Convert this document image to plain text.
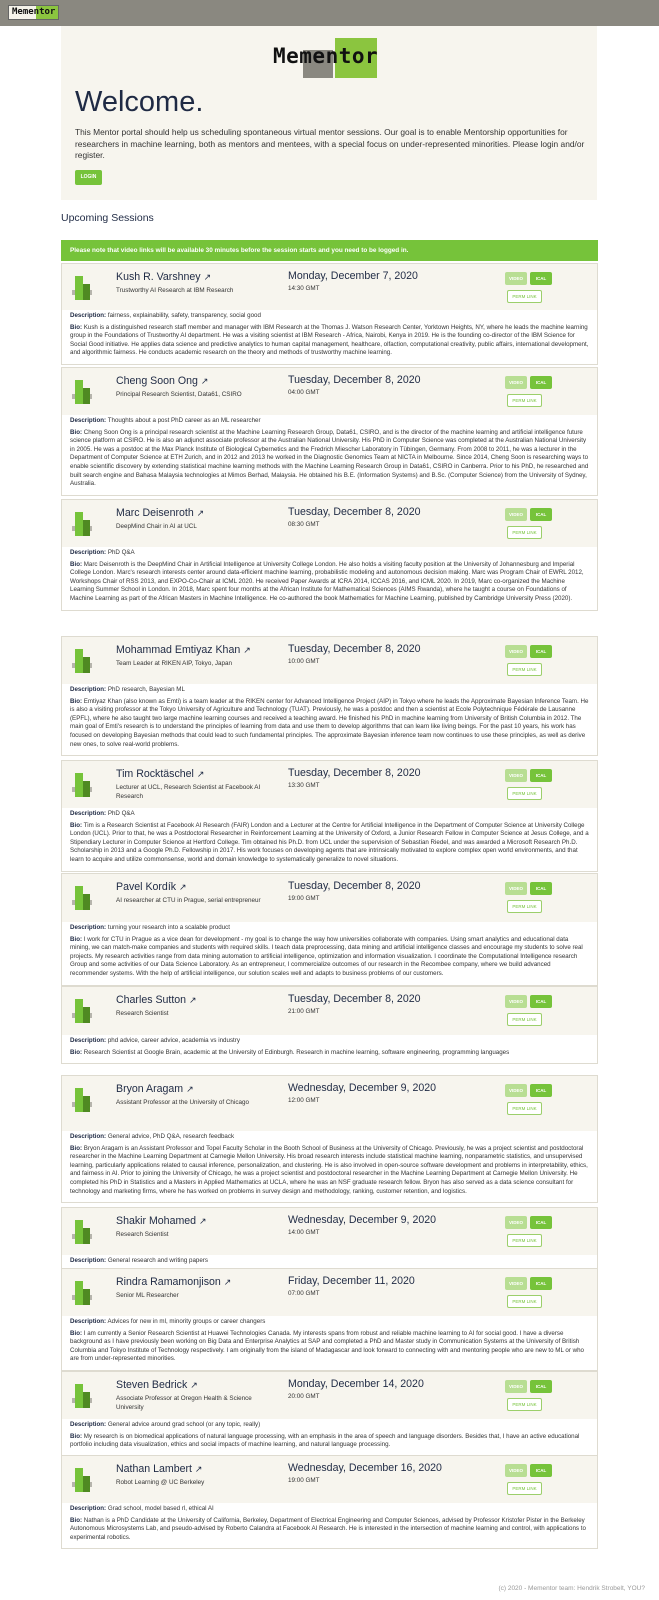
Mementor
Mementor
Welcome.

This Mentor portal should help us scheduling spontaneous virtual mentor sessions. Our goal is to enable Mentorship opportunities for researchers in machine learning, both as mentors and mentees, with a special focus on under-represented minorities. Please login and/or register.

LOGIN
Upcoming Sessions
Please note that video links will be available 30 minutes before the session starts and you need to be logged in.
Kush R. Varshney ↗
Trustworthy AI Research at IBM Research
Monday, December 7, 2020
14:30 GMT
VIDEO	ICAL
PERM LINK

Description: fairness, explainability, safety, transparency, social good

Bio: Kush is a distinguished research staff member and manager with IBM Research at the Thomas J. Watson Research Center, Yorktown Heights, NY, where he leads the machine learning group in the Foundations of Trustworthy AI department. He was a visiting scientist at IBM Research - Africa, Nairobi, Kenya in 2019. He is the founding co-director of the IBM Science for Social Good initiative. He applies data science and predictive analytics to human capital management, healthcare, olfaction, computational creativity, public affairs, international development, and algorithmic fairness. He conducts academic research on the theory and methods of trustworthy machine learning.

Cheng Soon Ong ↗
Principal Research Scientist, Data61, CSIRO
Tuesday, December 8, 2020
04:00 GMT
VIDEO	ICAL
PERM LINK

Description: Thoughts about a post PhD career as an ML researcher

Bio: Cheng Soon Ong is a principal research scientist at the Machine Learning Research Group, Data61, CSIRO, and is the director of the machine learning and artificial intelligence future science platform at CSIRO. He is also an adjunct associate professor at the Australian National University. His PhD in Computer Science was completed at the Australian National University in 2005. He was a postdoc at the Max Planck Institute of Biological Cybernetics and the Fredrich Miescher Laboratory in Tübingen, Germany. From 2008 to 2011, he was a lecturer in the Department of Computer Science at ETH Zurich, and in 2012 and 2013 he worked in the Diagnostic Genomics Team at NICTA in Melbourne. Since 2014, Cheng Soon is researching ways to enable scientific discovery by extending statistical machine learning methods with the Machine Learning Research Group in Data61, CSIRO in Canberra. Prior to his PhD, he researched and built search engine and Bahasa Malaysia technologies at Mimos Berhad, Malaysia. He obtained his B.E. (Information Systems) and B.Sc. (Computer Science) from the University of Sydney, Australia.

Marc Deisenroth ↗
DeepMind Chair in AI at UCL
Tuesday, December 8, 2020
08:30 GMT
VIDEO	ICAL
PERM LINK

Description: PhD Q&A

Bio: Marc Deisenroth is the DeepMind Chair in Artificial Intelligence at University College London. He also holds a visiting faculty position at the University of Johannesburg and Imperial College London. Marc's research interests center around data-efficient machine learning, probabilistic modeling and autonomous decision making. Marc was Program Chair of EWRL 2012, Workshops Chair of RSS 2013, and EXPO-Co-Chair at ICML 2020. He received Paper Awards at ICRA 2014, ICCAS 2016, and ICML 2020. In 2019, Marc co-organized the Machine Learning Summer School in London. In 2018, Marc spent four months at the African Institute for Mathematical Sciences (AIMS Rwanda), where he taught a course on Foundations of Machine Learning as part of the African Masters in Machine Intelligence. He co-authored the book Mathematics for Machine Learning, published by Cambridge University Press (2020).

Mohammad Emtiyaz Khan ↗
Team Leader at RIKEN AIP, Tokyo, Japan
Tuesday, December 8, 2020
10:00 GMT
VIDEO	ICAL
PERM LINK

Description: PhD research, Bayesian ML

Bio: Emtiyaz Khan (also known as Emti) is a team leader at the RIKEN center for Advanced Intelligence Project (AIP) in Tokyo where he leads the Approximate Bayesian Inference Team. He is also a visiting professor at the Tokyo University of Agriculture and Technology (TUAT). Previously, he was a postdoc and then a scientist at Ecole Polytechnique Fédérale de Lausanne (EPFL), where he also taught two large machine learning courses and received a teaching award. He finished his PhD in machine learning from University of British Columbia in 2012. The main goal of Emti's research is to understand the principles of learning from data and use them to develop algorithms that can learn like living beings. For the past 10 years, his work has focused on developing Bayesian methods that could lead to such fundamental principles. The approximate Bayesian inference team now continues to use these principles, as well as derive new ones, to solve real-world problems.

Tim Rocktäschel ↗
Lecturer at UCL, Research Scientist at Facebook AI Research
Tuesday, December 8, 2020
13:30 GMT
VIDEO	ICAL
PERM LINK

Description: PhD Q&A

Bio: Tim is a Research Scientist at Facebook AI Research (FAIR) London and a Lecturer at the Centre for Artificial Intelligence in the Department of Computer Science at University College London (UCL). Prior to that, he was a Postdoctoral Researcher in Reinforcement Learning at the University of Oxford, a Junior Research Fellow in Computer Science at Jesus College, and a Stipendiary Lecturer in Computer Science at Hertford College. Tim obtained his Ph.D. from UCL under the supervision of Sebastian Riedel, and was awarded a Microsoft Research Ph.D. Scholarship in 2013 and a Google Ph.D. Fellowship in 2017. His work focuses on developing agents that are intrinsically motivated to explore complex open world environments, and that learn to acquire and utilize commonsense, world and domain knowledge to systematically generalize to novel situations.

Pavel Kordík ↗
AI researcher at CTU in Prague, serial entrepreneur
Tuesday, December 8, 2020
19:00 GMT
VIDEO	ICAL
PERM LINK

Description: turning your research into a scalable product

Bio: I work for CTU in Prague as a vice dean for development - my goal is to change the way how universities collaborate with companies. Using smart analytics and educational data mining, we can match-make companies and students with required skills. I teach data preprocessing, data mining and artificial intelligence classes and encourage my students to solve real projects. My research activities range from data mining automation to artificial intelligence, optimization and information visualization. I coordinate the Computational Intelligence research Group and some activities of our Data Science Laboratory. As an entrepreneur, I commercialize outcomes of our research in the Recombee company, where we build advanced recommender systems. With the help of artificial intelligence, our solution scales well and adapts to business problems of our customers.

Charles Sutton ↗
Research Scientist
Tuesday, December 8, 2020
21:00 GMT
VIDEO	ICAL
PERM LINK

Description: phd advice, career advice, academia vs industry

Bio: Research Scientist at Google Brain, academic at the University of Edinburgh. Research in machine learning, software engineering, programming languages

Bryon Aragam ↗
Assistant Professor at the University of Chicago
Wednesday, December 9, 2020
12:00 GMT
VIDEO	ICAL
PERM LINK

Description: General advice, PhD Q&A, research feedback

Bio: Bryon Aragam is an Assistant Professor and Topel Faculty Scholar in the Booth School of Business at the University of Chicago. Previously, he was a project scientist and postdoctoral researcher in the Machine Learning Department at Carnegie Mellon University. His broad research interests include statistical machine learning, nonparametric statistics, and unsupervised learning, particularly applications related to causal inference, personalization, and clustering. He is also involved in open-source software development and problems in interpretability, ethics, and fairness in AI. Prior to joining the University of Chicago, he was a project scientist and postdoctoral researcher in the Machine Learning Department at Carnegie Mellon University. He completed his PhD in Statistics and a Masters in Applied Mathematics at UCLA, where he was an NSF graduate research fellow. Bryon has also served as a data science consultant for technology and marketing firms, where he has worked on problems in survey design and methodology, ranking, customer retention, and logistics.

Shakir Mohamed ↗
Research Scientist
Wednesday, December 9, 2020
14:00 GMT
VIDEO	ICAL
PERM LINK

Description: General research and writing papers

Rindra Ramamonjison ↗
Senior ML Researcher
Friday, December 11, 2020
07:00 GMT
VIDEO	ICAL
PERM LINK

Description: Advices for new in ml, minority groups or career changers

Bio: I am currently a Senior Research Scientist at Huawei Technologies Canada. My interests spans from robust and reliable machine learning to AI for social good. I have a diverse background as I have previously been working on Big Data and Enterprise Analytics at SAP and completed a PhD and Master study in Communication Systems at the University of British Columbia and Tokyo Institute of Technology respectively. I am originally from the island of Madagascar and look forward to connecting with and mentoring people who are new to ML or who are from under-represented minorities.

Steven Bedrick ↗
Associate Professor at Oregon Health & Science University
Monday, December 14, 2020
20:00 GMT
VIDEO	ICAL
PERM LINK

Description: General advice around grad school (or any topic, really)

Bio: My research is on biomedical applications of natural language processing, with an emphasis in the area of speech and language disorders. Besides that, I have an active educational portfolio including data visualization, ethics and social impacts of machine learning, and natural language processing.

Nathan Lambert ↗
Robot Learning @ UC Berkeley
Wednesday, December 16, 2020
19:00 GMT
VIDEO	ICAL
PERM LINK

Description: Grad school, model based rl, ethical AI

Bio: Nathan is a PhD Candidate at the University of California, Berkeley, Department of Electrical Engineering and Computer Sciences, advised by Professor Kristofer Pister in the Berkeley Autonomous Microsystems Lab, and pseudo-advised by Roberto Calandra at Facebook AI Research. He is interested in the intersection of machine learning and control, with applications to experimental robotics.

(c) 2020 - Mementor team: Hendrik Strobelt, YOU?
